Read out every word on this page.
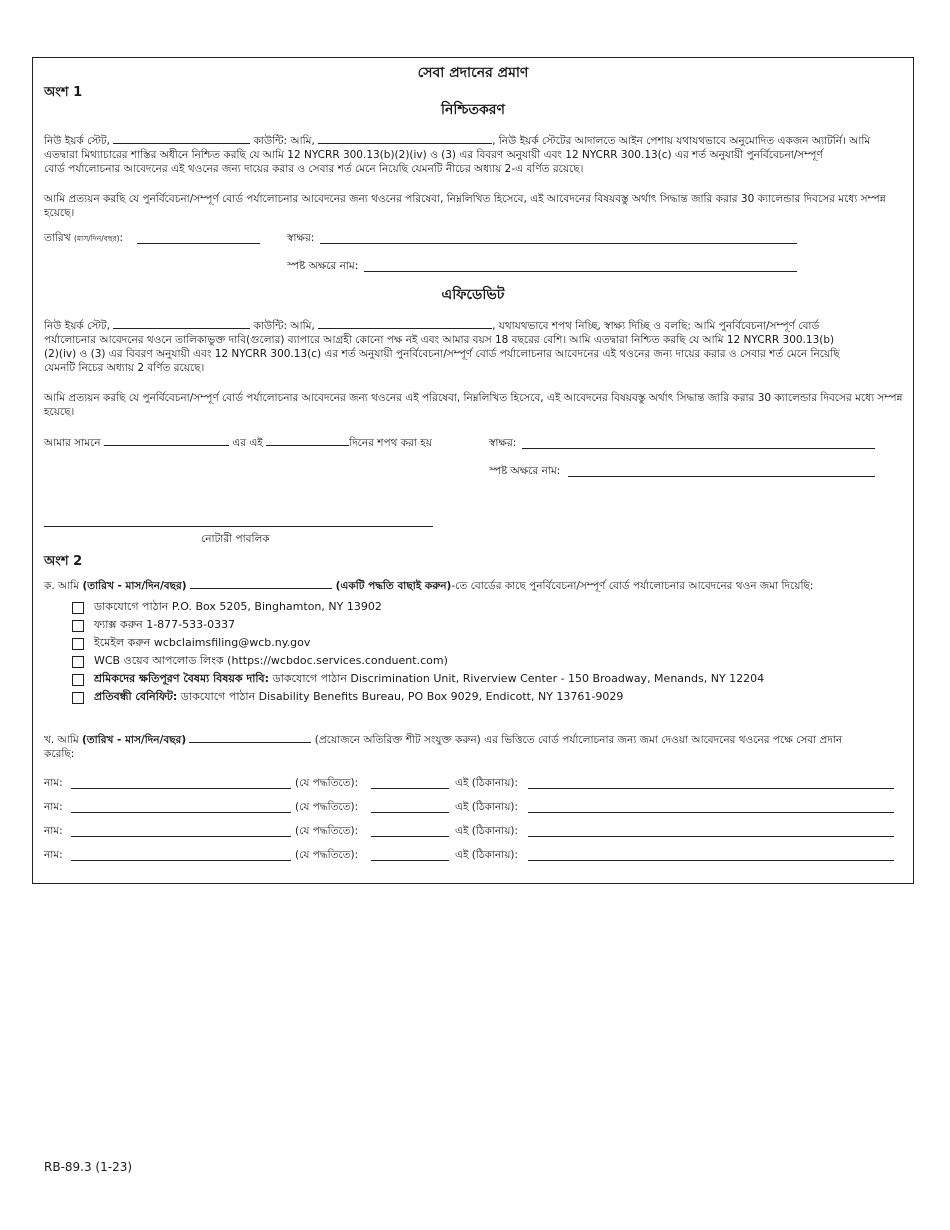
সেবা প্রদানের প্রমাণ
অংশ 1
নিশ্চিতকরণ
নিউ ইয়র্ক স্টেট,	কাউন্টি: আমি,	, নিউ ইয়র্ক স্টেটের আদালতে আইন পেশায় যথাযথভাবে অনুমোদিত একজন অ্যাটর্নি। আমি
এতদ্বারা মিথ্যাচারের শাস্তির অধীনে নিশ্চিত করছি যে আমি 12 NYCRR 300.13(b)(2)(iv) ও (3) এর বিবরণ অনুযায়ী এবং 12 NYCRR 300.13(c) এর শর্ত অনুযায়ী পুনর্বিবেচনা/সম্পূর্ণ
বোর্ড পর্যালোচনার আবেদনের এই থওনের জন্য দায়ের করার ও সেবার শর্ত মেনে নিয়েছি যেমনটি নীচের অধ্যায় 2-এ বর্ণিত রয়েছে।
আমি প্রত্যয়ন করছি যে পুনর্বিবেচনা/সম্পূর্ণ বোর্ড পর্যালোচনার আবেদনের জন্য থওনের পরিষেবা, নিম্নলিখিত হিসেবে, এই আবেদনের বিষয়বস্তু অর্থাৎ সিদ্ধান্ত জারি করার 30 ক্যালেন্ডার দিবসের মধ্যে সম্পন্ন হয়েছে।
তারিখ (মাস/দিন/বছর):	স্বাক্ষর:
স্পষ্ট অক্ষরে নাম:
এফিডেভিট
নিউ ইয়র্ক স্টেট,	কাউন্টি: আমি,	, যথাযথভাবে শপথ নিচ্ছি, স্বাক্ষ্য দিচ্ছি ও বলছি: আমি পুনর্বিবেচনা/সম্পূর্ণ বোর্ড
পর্যালোচনার আবেদনের থওনে তালিকাভুক্ত দাবি(গুলোর) ব্যাপারে আগ্রহী কোনো পক্ষ নই এবং আমার বয়স 18 বছরের বেশি। আমি এতদ্বারা নিশ্চিত করছি যে আমি 12 NYCRR 300.13(b)
(2)(iv) ও (3) এর বিবরণ অনুযায়ী এবং 12 NYCRR 300.13(c) এর শর্ত অনুযায়ী পুনর্বিবেচনা/সম্পূর্ণ বোর্ড পর্যালোচনার আবেদনের এই থওনের জন্য দায়ের করার ও সেবার শর্ত মেনে নিয়েছি
যেমনটি নিচের অধ্যায় 2 বর্ণিত রয়েছে।
আমি প্রত্যয়ন করছি যে পুনর্বিবেচনা/সম্পূর্ণ বোর্ড পর্যালোচনার আবেদনের জন্য থওনের এই পরিষেবা, নিম্নলিখিত হিসেবে, এই আবেদনের বিষয়বস্তু অর্থাৎ সিদ্ধান্ত জারি করার 30 ক্যালেন্ডার দিবসের মধ্যে সম্পন্ন হয়েছে।
আমার সামনে	এর এই	দিনের শপথ করা হয়	স্বাক্ষর:
স্পষ্ট অক্ষরে নাম:
নোটারী পাবলিক
অংশ 2
ক. আমি (তারিখ - মাস/দিন/বছর)	(একটি পদ্ধতি বাছাই করুন)-তে বোর্ডের কাছে পুনর্বিবেচনা/সম্পূর্ণ বোর্ড পর্যালোচনার আবেদনের থওন জমা দিয়েছি:
ডাকযোগে পাঠান P.O. Box 5205, Binghamton, NY 13902
ফ্যাক্স করুন 1-877-533-0337
ইমেইল করুন wcbclaimsfiling@wcb.ny.gov
WCB ওয়েব আপলোড লিংক (https://wcbdoc.services.conduent.com)
শ্রমিকদের ক্ষতিপূরণ বৈষম্য বিষয়ক দাবি: ডাকযোগে পাঠান Discrimination Unit, Riverview Center - 150 Broadway, Menands, NY 12204
প্রতিবন্ধী বেনিফিট: ডাকযোগে পাঠান Disability Benefits Bureau, PO Box 9029, Endicott, NY 13761-9029
খ. আমি (তারিখ - মাস/দিন/বছর)	(প্রয়োজনে অতিরিক্ত শীট সংযুক্ত করুন) এর ভিত্তিতে বোর্ড পর্যালোচনার জন্য জমা দেওয়া আবেদনের থওনের পক্ষে সেবা প্রদান
করেছি:
নাম:	(যে পদ্ধতিতে):	এই (ঠিকানায়):
নাম:	(যে পদ্ধতিতে):	এই (ঠিকানায়):
নাম:	(যে পদ্ধতিতে):	এই (ঠিকানায়):
নাম:	(যে পদ্ধতিতে):	এই (ঠিকানায়):
RB-89.3 (1-23)
